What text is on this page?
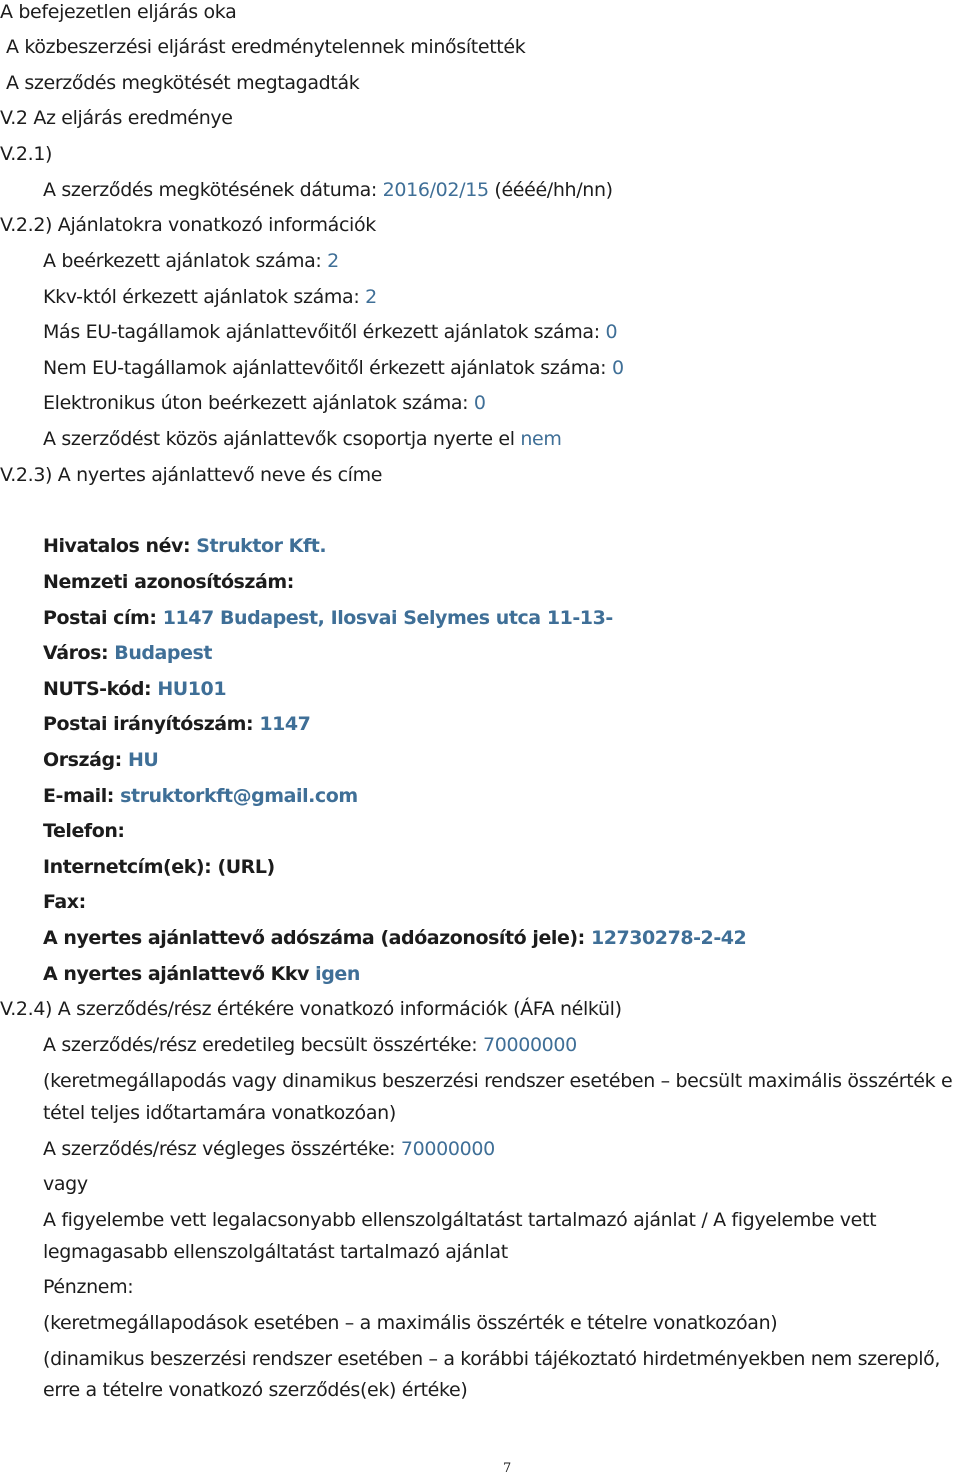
A befejezetlen eljárás oka
A közbeszerzési eljárást eredménytelennek minősítették
A szerződés megkötését megtagadták
V.2 Az eljárás eredménye
V.2.1)
A szerződés megkötésének dátuma: 2016/02/15 (éééé/hh/nn)
V.2.2) Ajánlatokra vonatkozó információk
A beérkezett ajánlatok száma: 2
Kkv-któl érkezett ajánlatok száma: 2
Más EU-tagállamok ajánlattevőitől érkezett ajánlatok száma: 0
Nem EU-tagállamok ajánlattevőitől érkezett ajánlatok száma: 0
Elektronikus úton beérkezett ajánlatok száma: 0
A szerződést közös ajánlattevők csoportja nyerte el nem
V.2.3) A nyertes ajánlattevő neve és címe
Hivatalos név: Struktor Kft.
Nemzeti azonosítószám:
Postai cím: 1147 Budapest, Ilosvai Selymes utca 11-13-
Város: Budapest
NUTS-kód: HU101
Postai irányítószám: 1147
Ország: HU
E-mail: struktorkft@gmail.com
Telefon:
Internetcím(ek): (URL)
Fax:
A nyertes ajánlattevő adószáma (adóazonosító jele): 12730278-2-42
A nyertes ajánlattevő Kkv igen
V.2.4) A szerződés/rész értékére vonatkozó információk (ÁFA nélkül)
A szerződés/rész eredetileg becsült összértéke: 70000000
(keretmegállapodás vagy dinamikus beszerzési rendszer esetében – becsült maximális összérték e
tétel teljes időtartamára vonatkozóan)
A szerződés/rész végleges összértéke: 70000000
vagy
A figyelembe vett legalacsonyabb ellenszolgáltatást tartalmazó ajánlat / A figyelembe vett
legmagasabb ellenszolgáltatást tartalmazó ajánlat
Pénznem:
(keretmegállapodások esetében – a maximális összérték e tételre vonatkozóan)
(dinamikus beszerzési rendszer esetében – a korábbi tájékoztató hirdetményekben nem szereplő,
erre a tételre vonatkozó szerződés(ek) értéke)
7
